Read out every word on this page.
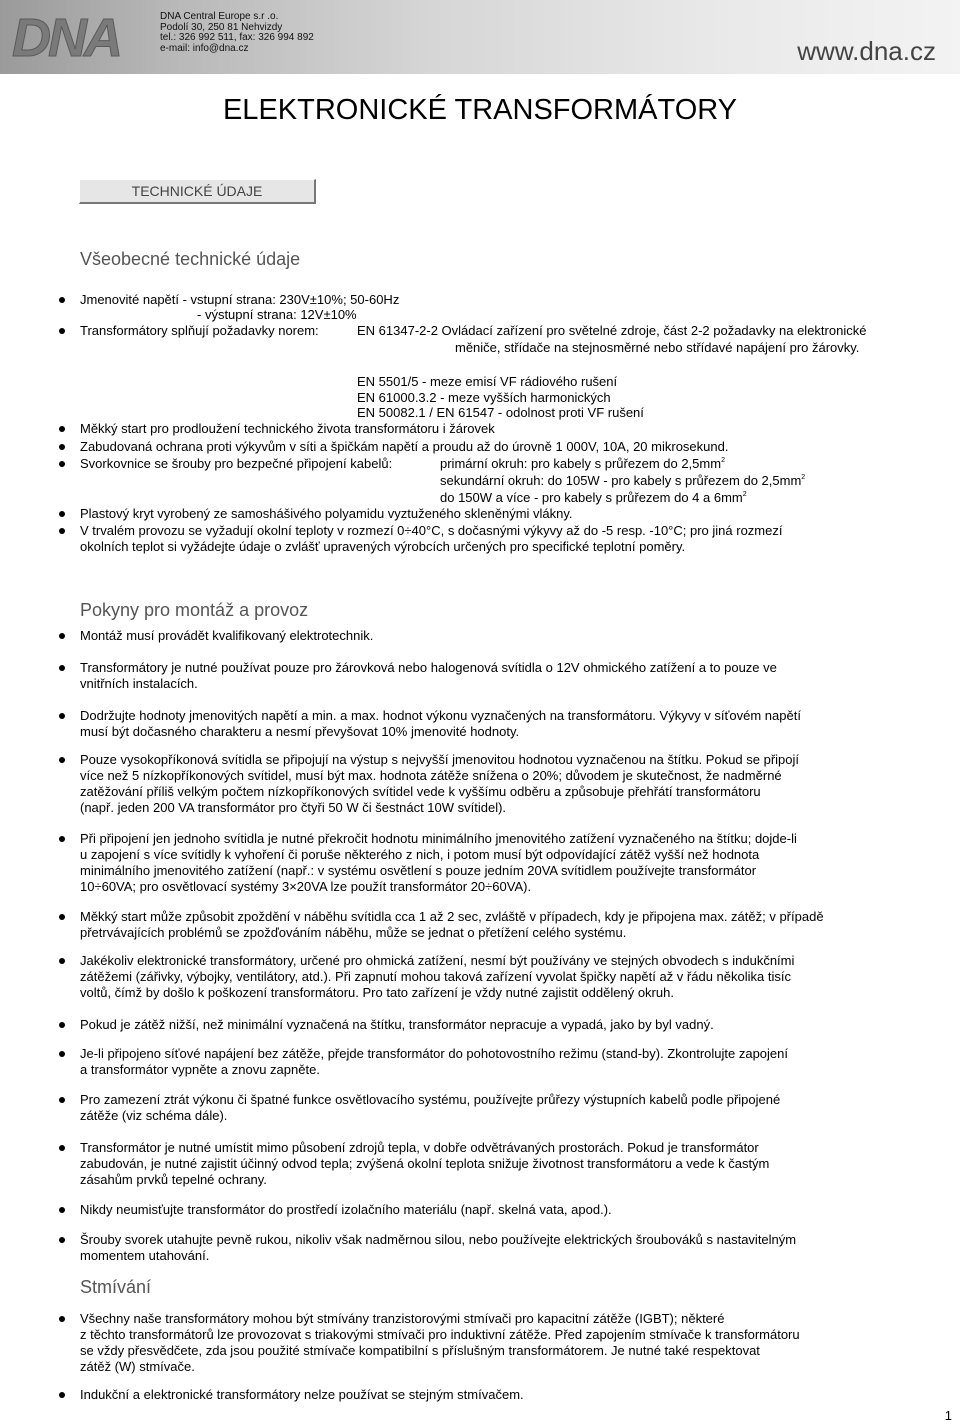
DNA	DNA Central Europe s.r .o.
Podolí 30, 250 81 Nehvizdy
tel.: 326 992 511, fax: 326 994 892
e-mail: info@dna.cz	www.dna.cz
ELEKTRONICKÉ TRANSFORMÁTORY
TECHNICKÉ ÚDAJE
Všeobecné technické údaje
Jmenovité napětí - vstupní strana: 230V±10%; 50-60Hz
- výstupní strana: 12V±10%
Transformátory splňují požadavky norem:	EN 61347-2-2 Ovládací zařízení pro světelné zdroje, část 2-2 požadavky na elektronické
měniče, střídače na stejnosměrné nebo střídavé napájení pro žárovky.
EN 5501/5 - meze emisí VF rádiového rušení
EN 61000.3.2 - meze vyšších harmonických
EN 50082.1 / EN 61547 - odolnost proti VF rušení
Měkký start pro prodloužení technického života transformátoru i žárovek
Zabudovaná ochrana proti výkyvům v síti a špičkám napětí a proudu až do úrovně 1 000V, 10A, 20 mikrosekund.
Svorkovnice se šrouby pro bezpečné připojení kabelů:	primární okruh: pro kabely s průřezem do $2,5mm^2$
sekundární okruh: do 105W - pro kabely s průřezem do $2,5mm^2$
do 150W a více - pro kabely s průřezem do 4 a $6mm^2$
Plastový kryt vyrobený ze samoshášivého polyamidu vyztuženého skleněnými vlákny.
V trvalém provozu se vyžadují okolní teploty v rozmezí 0÷40°C, s dočasnými výkyvy až do -5 resp. -10°C; pro jiná rozmezí
okolních teplot si vyžádejte údaje o zvlášť upravených výrobcích určených pro specifické teplotní poměry.
Pokyny pro montáž a provoz
Montáž musí provádět kvalifikovaný elektrotechnik.
Transformátory je nutné používat pouze pro žárovková nebo halogenová svítidla o 12V ohmického zatížení a to pouze ve
vnitřních instalacích.
Dodržujte hodnoty jmenovitých napětí a min. a max. hodnot výkonu vyznačených na transformátoru. Výkyvy v síťovém napětí
musí být dočasného charakteru a nesmí převyšovat 10% jmenovité hodnoty.
Pouze vysokopříkonová svítidla se připojují na výstup s nejvyšší jmenovitou hodnotou vyznačenou na štítku. Pokud se připojí
více než 5 nízkopříkonových svítidel, musí být max. hodnota zátěže snížena o 20%; důvodem je skutečnost, že nadměrné
zatěžování příliš velkým počtem nízkopříkonových svítidel vede k vyššímu odběru a způsobuje přehřátí transformátoru
(např. jeden 200 VA transformátor pro čtyři 50 W či šestnáct 10W svítidel).
Při připojení jen jednoho svítidla je nutné překročit hodnotu minimálního jmenovitého zatížení vyznačeného na štítku; dojde-li
u zapojení s více svítidly k vyhoření či poruše některého z nich, i potom musí být odpovídající zátěž vyšší než hodnota
minimálního jmenovitého zatížení (např.: v systému osvětlení s pouze jedním 20VA svítidlem používejte transformátor
10÷60VA; pro osvětlovací systémy 3×20VA lze použít transformátor 20÷60VA).
Měkký start může způsobit zpoždění v náběhu svítidla cca 1 až 2 sec, zvláště v případech, kdy je připojena max. zátěž; v případě
přetrvávajících problémů se zpožďováním náběhu, může se jednat o přetížení celého systému.
Jakékoliv elektronické transformátory, určené pro ohmická zatížení, nesmí být používány ve stejných obvodech s indukčními
zátěžemi (zářivky, výbojky, ventilátory, atd.). Při zapnutí mohou taková zařízení vyvolat špičky napětí až v řádu několika tisíc
voltů, čímž by došlo k poškození transformátoru. Pro tato zařízení je vždy nutné zajistit oddělený okruh.
Pokud je zátěž nižší, než minimální vyznačená na štítku, transformátor nepracuje a vypadá, jako by byl vadný.
Je-li připojeno síťové napájení bez zátěže, přejde transformátor do pohotovostního režimu (stand-by). Zkontrolujte zapojení
a transformátor vypněte a znovu zapněte.
Pro zamezení ztrát výkonu či špatné funkce osvětlovacího systému, používejte průřezy výstupních kabelů podle připojené
zátěže (viz schéma dále).
Transformátor je nutné umístit mimo působení zdrojů tepla, v dobře odvětrávaných prostorách. Pokud je transformátor
zabudován, je nutné zajistit účinný odvod tepla; zvýšená okolní teplota snižuje životnost transformátoru a vede k častým
zásahům prvků tepelné ochrany.
Nikdy neumisťujte transformátor do prostředí izolačního materiálu (např. skelná vata, apod.).
Šrouby svorek utahujte pevně rukou, nikoliv však nadměrnou silou, nebo používejte elektrických šroubováků s nastavitelným
momentem utahování.
Stmívání
Všechny naše transformátory mohou být stmívány tranzistorovými stmívači pro kapacitní zátěže (IGBT); některé
z těchto transformátorů lze provozovat s triakovými stmívači pro induktivní zátěže. Před zapojením stmívače k transformátoru
se vždy přesvědčete, zda jsou použité stmívače kompatibilní s příslušným transformátorem. Je nutné také respektovat
zátěž (W) stmívače.
Indukční a elektronické transformátory nelze používat se stejným stmívačem.
1
